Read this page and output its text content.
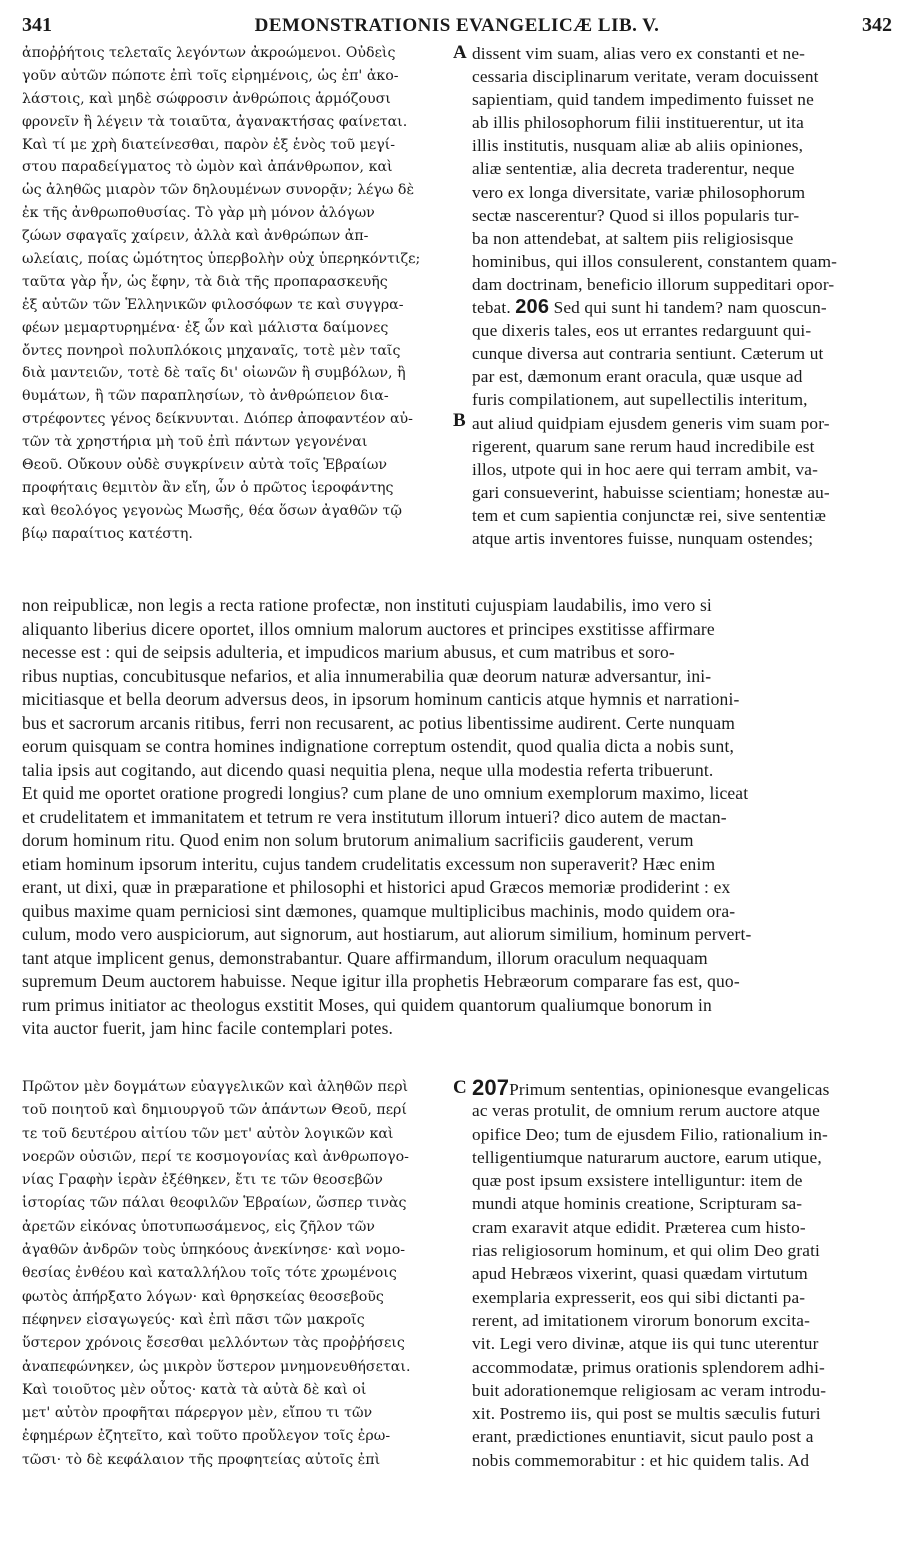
341	DEMONSTRATIONIS EVANGELICÆ LIB. V.	342
ἀποῤῥήτοις τελεταῖς λεγόντων ἀκροώμενοι. Οὐδεὶς
γοῦν αὐτῶν πώποτε ἐπὶ τοῖς εἰρημένοις, ὡς ἐπ' ἀκο-
λάστοις, καὶ μηδὲ σώφροσιν ἀνθρώποις ἁρμόζουσι
φρονεῖν ἢ λέγειν τὰ τοιαῦτα, ἀγανακτήσας φαίνεται.
Καὶ τί με χρὴ διατείνεσθαι, παρὸν ἐξ ἑνὸς τοῦ μεγί-
στου παραδείγματος τὸ ὠμὸν καὶ ἀπάνθρωπον, καὶ
ὡς ἀληθῶς μιαρὸν τῶν δηλουμένων συνορᾷν; λέγω δὲ
ἐκ τῆς ἀνθρωποθυσίας. Τὸ γὰρ μὴ μόνον ἀλόγων
ζώων σφαγαῖς χαίρειν, ἀλλὰ καὶ ἀνθρώπων ἀπ-
ωλείαις, ποίας ὠμότητος ὑπερβολὴν οὐχ ὑπερηκόντιζε;
ταῦτα γὰρ ἦν, ὡς ἔφην, τὰ διὰ τῆς προπαρασκευῆς
ἐξ αὐτῶν τῶν Ἑλληνικῶν φιλοσόφων τε καὶ συγγρα-
φέων μεμαρτυρημένα· ἐξ ὧν καὶ μάλιστα δαίμονες
ὄντες πονηροὶ πολυπλόκοις μηχαναῖς, τοτὲ μὲν ταῖς
διὰ μαντειῶν, τοτὲ δὲ ταῖς δι' οἰωνῶν ἢ συμβόλων, ἢ
θυμάτων, ἢ τῶν παραπλησίων, τὸ ἀνθρώπειον δια-
στρέφοντες γένος δείκνυνται. Διόπερ ἀποφαντέον αὐ-
τῶν τὰ χρηστήρια μὴ τοῦ ἐπὶ πάντων γεγονέναι
Θεοῦ. Οὔκουν οὐδὲ συγκρίνειν αὐτὰ τοῖς Ἑβραίων
προφήταις θεμιτὸν ἂν εἴη, ὧν ὁ πρῶτος ἱεροφάντης
καὶ θεολόγος γεγονὼς Μωσῆς, θέα ὅσων ἀγαθῶν τῷ
βίῳ παραίτιος κατέστη.
A
B
dissent vim suam, alias vero ex constanti et ne-
cessaria disciplinarum veritate, veram docuissent
sapientiam, quid tandem impedimento fuisset ne
ab illis philosophorum filii instituerentur, ut ita
illis institutis, nusquam aliæ ab aliis opiniones,
aliæ sententiæ, alia decreta traderentur, neque
vero ex longa diversitate, variæ philosophorum
sectæ nascerentur? Quod si illos popularis tur-
ba non attendebat, at saltem piis religiosisque
hominibus, qui illos consulerent, constantem quam-
dam doctrinam, beneficio illorum suppeditari opor-
tebat. 206 Sed qui sunt hi tandem? nam quoscun-
que dixeris tales, eos ut errantes redarguunt qui-
cunque diversa aut contraria sentiunt. Cæterum ut
par est, dæmonum erant oracula, quæ usque ad
furis compilationem, aut supellectilis interitum,
aut aliud quidpiam ejusdem generis vim suam por-
rigerent, quarum sane rerum haud incredibile est
illos, utpote qui in hoc aere qui terram ambit, va-
gari consueverint, habuisse scientiam; honestæ au-
tem et cum sapientia conjunctæ rei, sive sententiæ
atque artis inventores fuisse, nunquam ostendes;
non reipublicæ, non legis a recta ratione profectæ, non instituti cujuspiam laudabilis, imo vero si
aliquanto liberius dicere oportet, illos omnium malorum auctores et principes exstitisse affirmare
necesse est : qui de seipsis adulteria, et impudicos marium abusus, et cum matribus et soro-
ribus nuptias, concubitusque nefarios, et alia innumerabilia quæ deorum naturæ adversantur, ini-
micitiasque et bella deorum adversus deos, in ipsorum hominum canticis atque hymnis et narrationi-
bus et sacrorum arcanis ritibus, ferri non recusarent, ac potius libentissime audirent. Certe nunquam
eorum quisquam se contra homines indignatione correptum ostendit, quod qualia dicta a nobis sunt,
talia ipsis aut cogitando, aut dicendo quasi nequitia plena, neque ulla modestia referta tribuerunt.
Et quid me oportet oratione progredi longius? cum plane de uno omnium exemplorum maximo, liceat
et crudelitatem et immanitatem et tetrum re vera institutum illorum intueri? dico autem de mactan-
dorum hominum ritu. Quod enim non solum brutorum animalium sacrificiis gauderent, verum
etiam hominum ipsorum interitu, cujus tandem crudelitatis excessum non superaverit? Hæc enim
erant, ut dixi, quæ in præparatione et philosophi et historici apud Græcos memoriæ prodiderint : ex
quibus maxime quam perniciosi sint dæmones, quamque multiplicibus machinis, modo quidem ora-
culum, modo vero auspiciorum, aut signorum, aut hostiarum, aut aliorum similium, hominum pervert-
tant atque implicent genus, demonstrabantur. Quare affirmandum, illorum oraculum nequaquam
supremum Deum auctorem habuisse. Neque igitur illa prophetis Hebræorum comparare fas est, quo-
rum primus initiator ac theologus exstitit Moses, qui quidem quantorum qualiumque bonorum in
vita auctor fuerit, jam hinc facile contemplari potes.
Πρῶτον μὲν δογμάτων εὐαγγελικῶν καὶ ἀληθῶν περὶ
τοῦ ποιητοῦ καὶ δημιουργοῦ τῶν ἁπάντων Θεοῦ, περί
τε τοῦ δευτέρου αἰτίου τῶν μετ' αὐτὸν λογικῶν καὶ
νοερῶν οὐσιῶν, περί τε κοσμογονίας καὶ ἀνθρωπογο-
νίας Γραφὴν ἱερὰν ἐξέθηκεν, ἔτι τε τῶν θεοσεβῶν
ἱστορίας τῶν πάλαι θεοφιλῶν Ἑβραίων, ὥσπερ τινὰς
ἀρετῶν εἰκόνας ὑποτυπωσάμενος, εἰς ζῆλον τῶν
ἀγαθῶν ἀνδρῶν τοὺς ὑπηκόους ἀνεκίνησε· καὶ νομο-
θεσίας ἐνθέου καὶ καταλλήλου τοῖς τότε χρωμένοις
φωτὸς ἀπήρξατο λόγων· καὶ θρησκείας θεοσεβοῦς
πέφηνεν εἰσαγωγεύς· καὶ ἐπὶ πᾶσι τῶν μακροῖς
ὕστερον χρόνοις ἔσεσθαι μελλόντων τὰς προῤῥήσεις
ἀναπεφώνηκεν, ὡς μικρὸν ὕστερον μνημονευθήσεται.
Καὶ τοιοῦτος μὲν οὗτος· κατὰ τὰ αὐτὰ δὲ καὶ οἱ
μετ' αὐτὸν προφῆται πάρεργον μὲν, εἴπου τι τῶν
ἐφημέρων ἐζητεῖτο, καὶ τοῦτο προὔλεγον τοῖς ἐρω-
τῶσι· τὸ δὲ κεφάλαιον τῆς προφητείας αὐτοῖς ἐπὶ
C 207Primum sententias, opinionesque evangelicas
ac veras protulit, de omnium rerum auctore atque
opifice Deo; tum de ejusdem Filio, rationalium in-
telligentiumque naturarum auctore, earum utique,
quæ post ipsum exsistere intelliguntur: item de
mundi atque hominis creatione, Scripturam sa-
cram exaravit atque edidit. Præterea cum histo-
rias religiosorum hominum, et qui olim Deo grati
apud Hebræos vixerint, quasi quædam virtutum
exemplaria expresserit, eos qui sibi dictanti pa-
rerent, ad imitationem virorum bonorum excita-
vit. Legi vero divinæ, atque iis qui tunc uterentur
accommodatæ, primus orationis splendorem adhi-
buit adorationemque religiosam ac veram introdu-
xit. Postremo iis, qui post se multis sæculis futuri
erant, prædictiones enuntiavit, sicut paulo post a
nobis commemorabitur : et hic quidem talis. Ad
